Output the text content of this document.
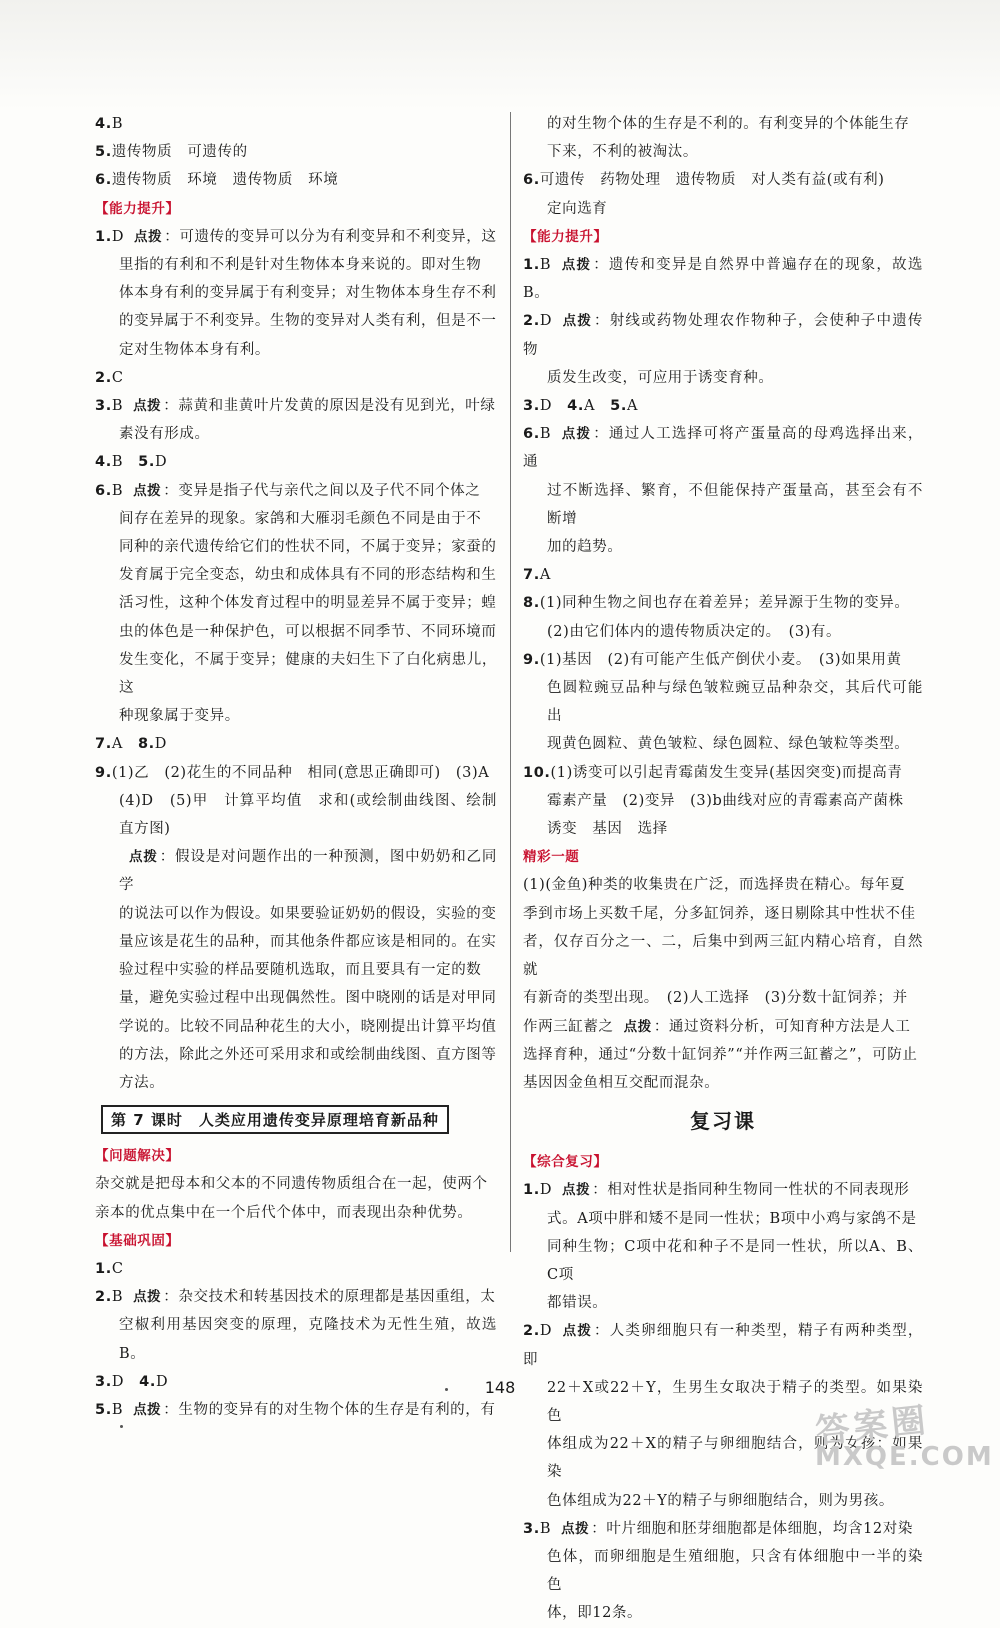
4.B

5.遗传物质　可遗传的

6.遗传物质　环境　遗传物质　环境

【能力提升】

1.D 点拨 ：可遗传的变异可以分为有利变异和不利变异，这

里指的有利和不利是针对生物体本身来说的。即对生物

体本身有利的变异属于有利变异；对生物体本身生存不利

的变异属于不利变异。生物的变异对人类有利，但是不一

定对生物体本身有利。

2.C

3.B 点拨 ：蒜黄和韭黄叶片发黄的原因是没有见到光，叶绿

素没有形成。

4.B　5.D

6.B 点拨 ：变异是指子代与亲代之间以及子代不同个体之

间存在差异的现象。家鸽和大雁羽毛颜色不同是由于不

同种的亲代遗传给它们的性状不同，不属于变异；家蚕的

发育属于完全变态，幼虫和成体具有不同的形态结构和生

活习性，这种个体发育过程中的明显差异不属于变异；蝗

虫的体色是一种保护色，可以根据不同季节、不同环境而

发生变化，不属于变异；健康的夫妇生下了白化病患儿，这

种现象属于变异。

7.A　8.D

9.(1)乙　(2)花生的不同品种　相同(意思正确即可)　(3)A

(4)D　(5)甲　计算平均值　求和(或绘制曲线图、绘制直方图)

点拨 ：假设是对问题作出的一种预测，图中奶奶和乙同学

的说法可以作为假设。如果要验证奶奶的假设，实验的变

量应该是花生的品种，而其他条件都应该是相同的。在实

验过程中实验的样品要随机选取，而且要具有一定的数

量，避免实验过程中出现偶然性。图中晓刚的话是对甲同

学说的。比较不同品种花生的大小，晓刚提出计算平均值

的方法，除此之外还可采用求和或绘制曲线图、直方图等

方法。

第 7 课时　人类应用遗传变异原理培育新品种

【问题解决】

杂交就是把母本和父本的不同遗传物质组合在一起，使两个

亲本的优点集中在一个后代个体中，而表现出杂种优势。

【基础巩固】

1.C

2.B 点拨 ：杂交技术和转基因技术的原理都是基因重组，太

空椒利用基因突变的原理，克隆技术为无性生殖，故选B。

3.D　4.D

5.B 点拨 ：生物的变异有的对生物个体的生存是有利的，有

的对生物个体的生存是不利的。有利变异的个体能生存

下来，不利的被淘汰。

6.可遗传　药物处理　遗传物质　对人类有益(或有利)

定向选育

【能力提升】

1.B 点拨 ：遗传和变异是自然界中普遍存在的现象，故选B。

2.D 点拨 ：射线或药物处理农作物种子，会使种子中遗传物

质发生改变，可应用于诱变育种。

3.D　4.A　5.A

6.B 点拨 ：通过人工选择可将产蛋量高的母鸡选择出来，通

过不断选择、繁育，不但能保持产蛋量高，甚至会有不断增

加的趋势。

7.A

8.(1)同种生物之间也存在着差异；差异源于生物的变异。

(2)由它们体内的遗传物质决定的。　(3)有。

9.(1)基因　(2)有可能产生低产倒伏小麦。　(3)如果用黄

色圆粒豌豆品种与绿色皱粒豌豆品种杂交，其后代可能出

现黄色圆粒、黄色皱粒、绿色圆粒、绿色皱粒等类型。

10.(1)诱变可以引起青霉菌发生变异(基因突变)而提高青

霉素产量　(2)变异　(3)b曲线对应的青霉素高产菌株

诱变　基因　选择

精彩一题

(1)(金鱼)种类的收集贵在广泛，而选择贵在精心。每年夏

季到市场上买数千尾，分多缸饲养，逐日剔除其中性状不佳

者，仅存百分之一、二，后集中到两三缸内精心培育，自然就

有新奇的类型出现。　(2)人工选择　(3)分数十缸饲养；并

作两三缸蓄之 点拨 ：通过资料分析，可知育种方法是人工

选择育种，通过“分数十缸饲养”“并作两三缸蓄之”，可防止

基因因金鱼相互交配而混杂。

复习课

【综合复习】

1.D 点拨 ：相对性状是指同种生物同一性状的不同表现形

式。A项中胖和矮不是同一性状；B项中小鸡与家鸽不是

同种生物；C项中花和种子不是同一性状，所以A、B、C项

都错误。

2.D 点拨 ：人类卵细胞只有一种类型，精子有两种类型，即

22＋X或22＋Y，生男生女取决于精子的类型。如果染色

体组成为22＋X的精子与卵细胞结合，则为女孩；如果染

色体组成为22＋Y的精子与卵细胞结合，则为男孩。

3.B 点拨 ：叶片细胞和胚芽细胞都是体细胞，均含12对染

色体，而卵细胞是生殖细胞，只含有体细胞中一半的染色

体，即12条。

148
答案圈
MXQE.COM
